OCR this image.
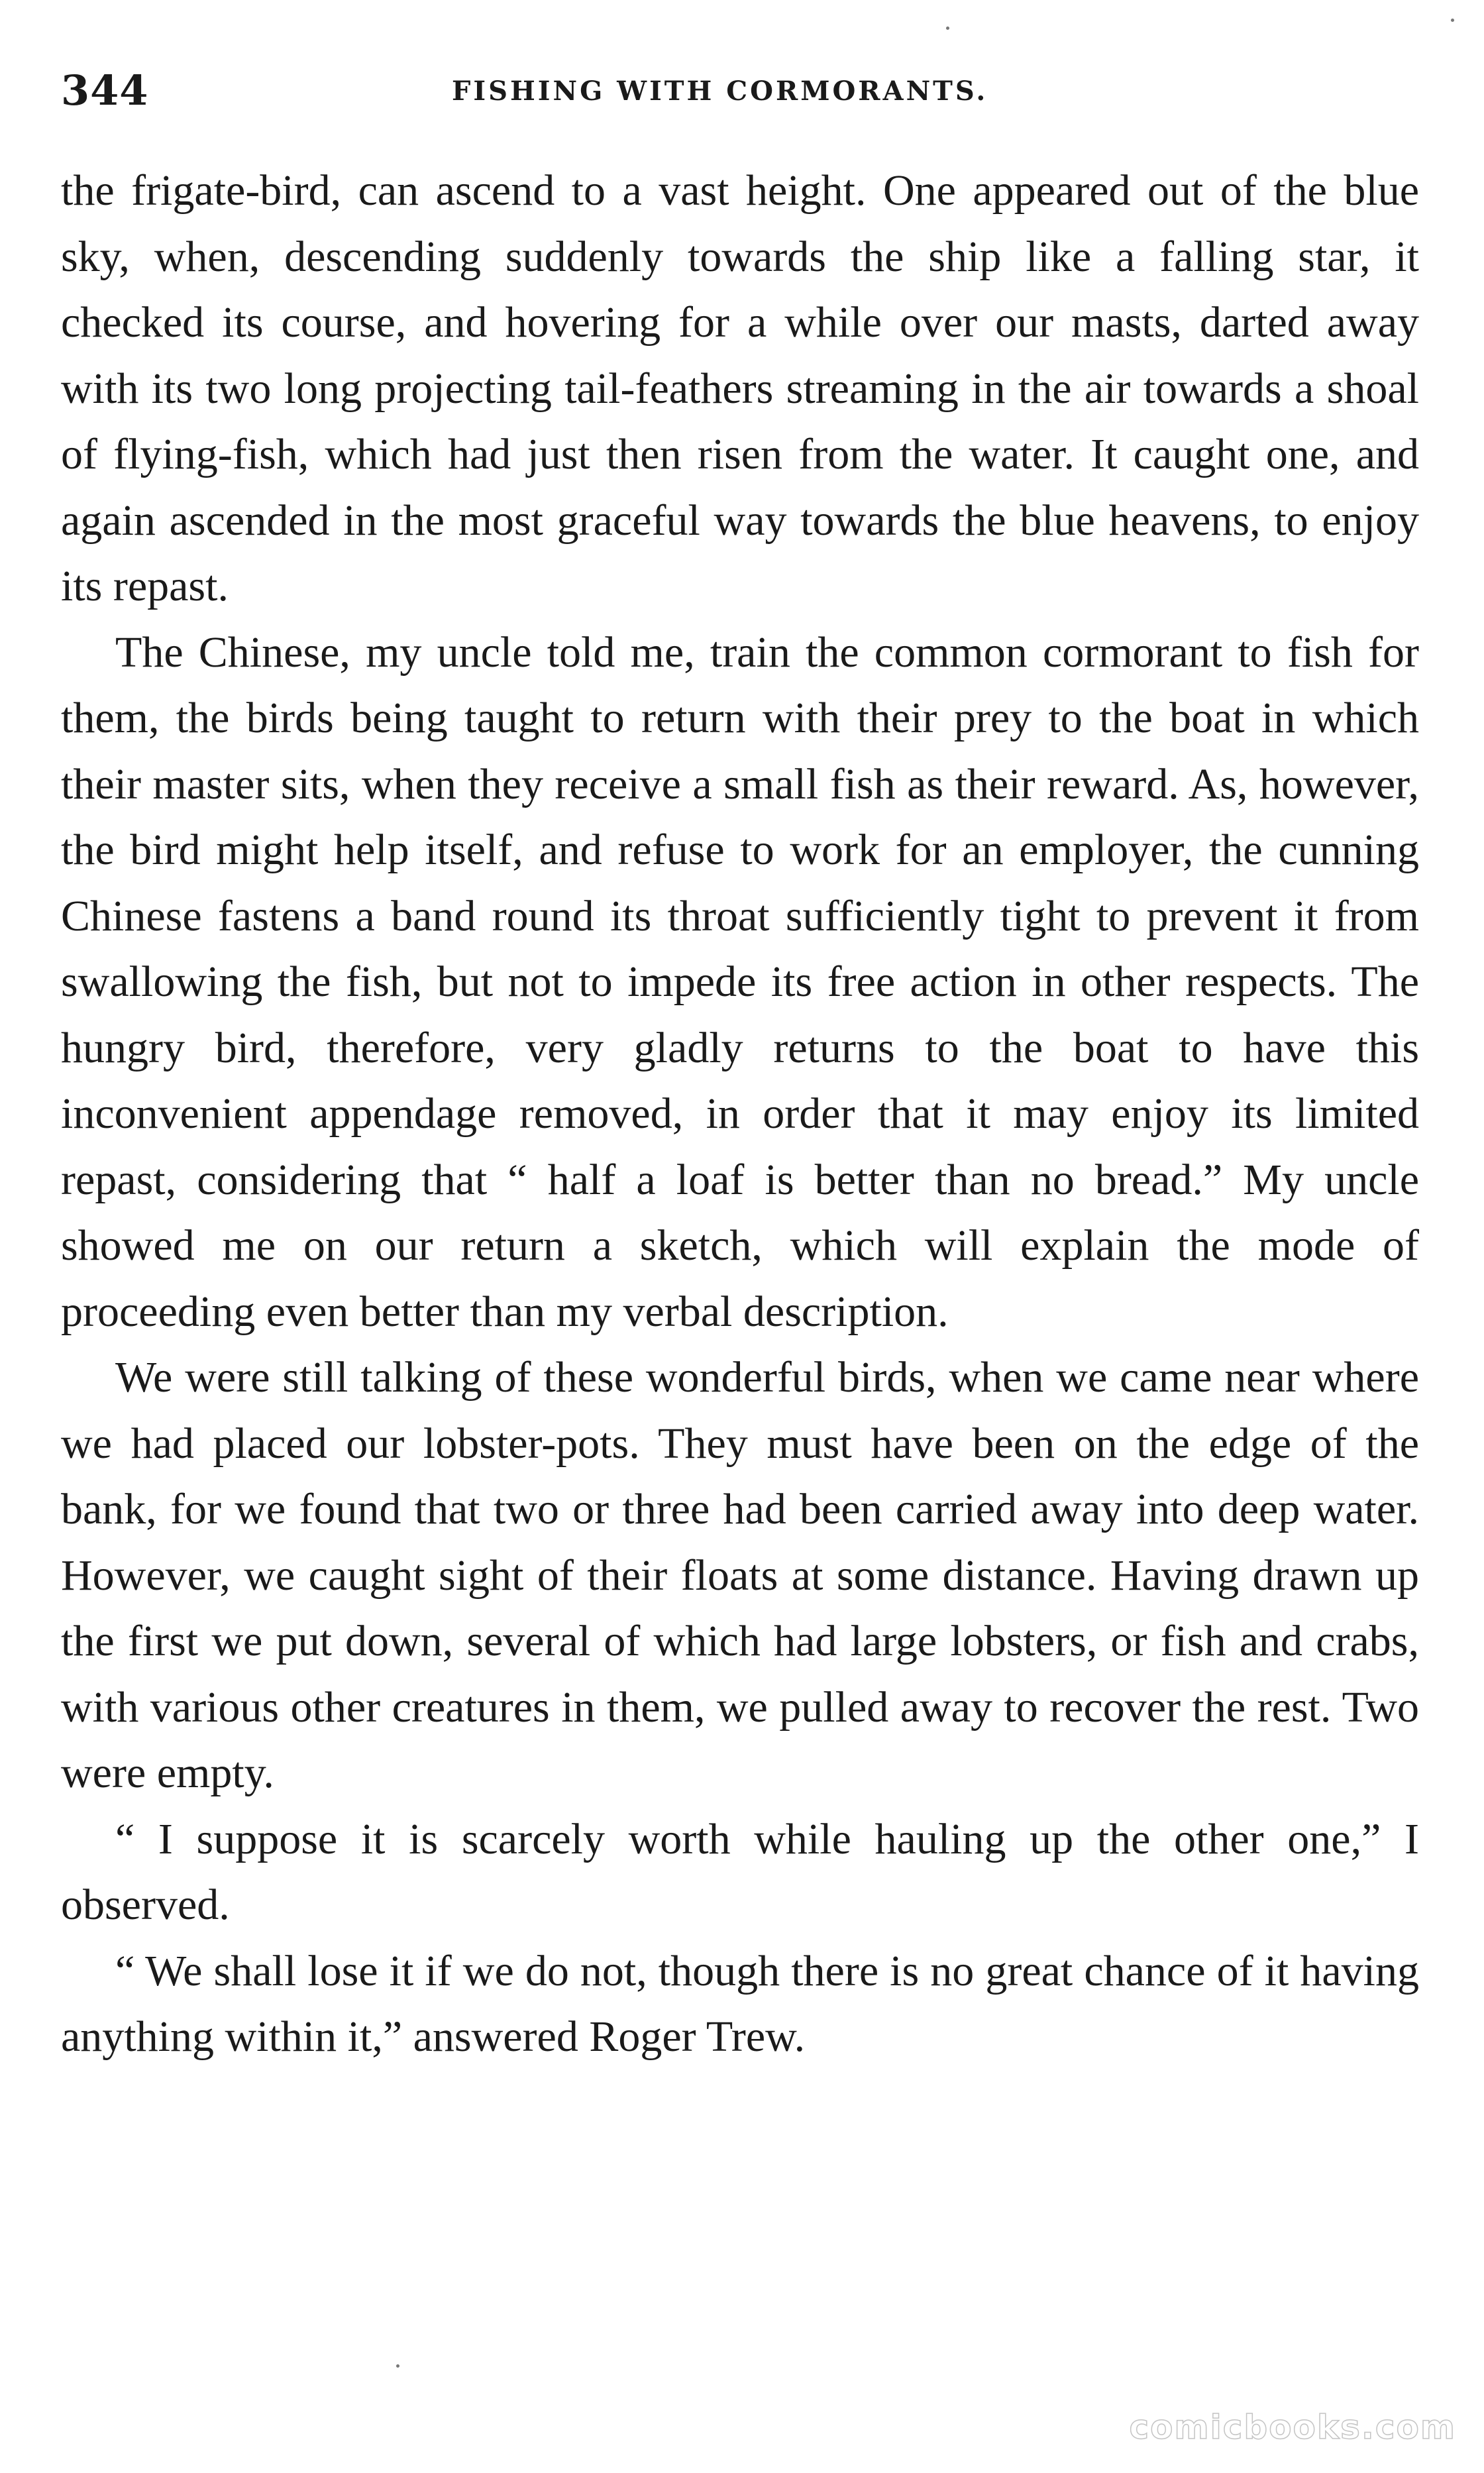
344	FISHING WITH CORMORANTS.

the frigate-bird, can ascend to a vast height. One appeared out of the blue sky, when, descending suddenly towards the ship like a falling star, it checked its course, and hovering for a while over our masts, darted away with its two long projecting tail-feathers streaming in the air towards a shoal of flying-fish, which had just then risen from the water. It caught one, and again ascended in the most graceful way towards the blue heavens, to enjoy its repast.

The Chinese, my uncle told me, train the common cormorant to fish for them, the birds being taught to return with their prey to the boat in which their master sits, when they receive a small fish as their reward. As, however, the bird might help itself, and refuse to work for an employer, the cunning Chinese fastens a band round its throat sufficiently tight to prevent it from swallowing the fish, but not to impede its free action in other respects. The hungry bird, therefore, very gladly returns to the boat to have this inconvenient appendage removed, in order that it may enjoy its limited repast, considering that “ half a loaf is better than no bread.” My uncle showed me on our return a sketch, which will explain the mode of proceeding even better than my verbal description.

We were still talking of these wonderful birds, when we came near where we had placed our lobster-pots. They must have been on the edge of the bank, for we found that two or three had been carried away into deep water. However, we caught sight of their floats at some distance. Having drawn up the first we put down, several of which had large lobsters, or fish and crabs, with various other creatures in them, we pulled away to recover the rest. Two were empty.

“ I suppose it is scarcely worth while hauling up the other one,” I observed.

“ We shall lose it if we do not, though there is no great chance of it having anything within it,” answered Roger Trew.

comicbooks.com
